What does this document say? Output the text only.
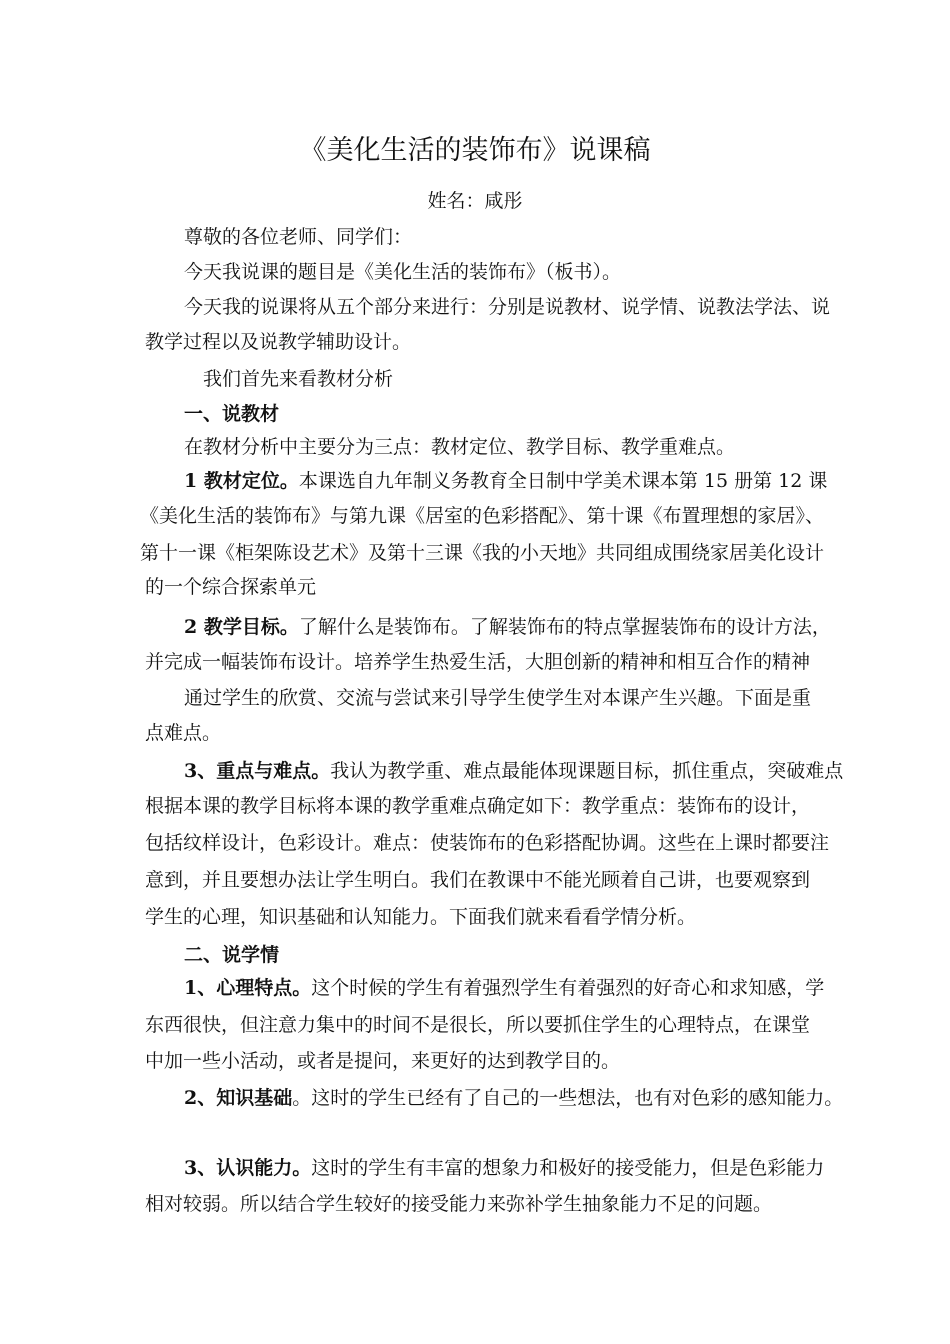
《美化生活的装饰布》说课稿
姓名：咸彤
尊敬的各位老师、同学们：
今天我说课的题目是《美化生活的装饰布》（板书）。
今天我的说课将从五个部分来进行：分别是说教材、说学情、说教法学法、说
教学过程以及说教学辅助设计。
我们首先来看教材分析
一、说教材
在教材分析中主要分为三点：教材定位、教学目标、教学重难点。
1 教材定位。本课选自九年制义务教育全日制中学美术课本第 15 册第 12 课
《美化生活的装饰布》与第九课《居室的色彩搭配》、第十课《布置理想的家居》、
第十一课《柜架陈设艺术》及第十三课《我的小天地》共同组成围绕家居美化设计
的一个综合探索单元
2 教学目标。了解什么是装饰布。了解装饰布的特点掌握装饰布的设计方法，
并完成一幅装饰布设计。培养学生热爱生活，大胆创新的精神和相互合作的精神
通过学生的欣赏、交流与尝试来引导学生使学生对本课产生兴趣。下面是重
点难点。
3、重点与难点。我认为教学重、难点最能体现课题目标，抓住重点，突破难点
根据本课的教学目标将本课的教学重难点确定如下：教学重点：装饰布的设计，
包括纹样设计，色彩设计。难点：使装饰布的色彩搭配协调。这些在上课时都要注
意到，并且要想办法让学生明白。我们在教课中不能光顾着自己讲，也要观察到
学生的心理，知识基础和认知能力。下面我们就来看看学情分析。
二、说学情
1、心理特点。这个时候的学生有着强烈学生有着强烈的好奇心和求知感，学
东西很快，但注意力集中的时间不是很长，所以要抓住学生的心理特点，在课堂
中加一些小活动，或者是提问，来更好的达到教学目的。
2、知识基础。这时的学生已经有了自己的一些想法，也有对色彩的感知能力。
3、认识能力。这时的学生有丰富的想象力和极好的接受能力，但是色彩能力
相对较弱。所以结合学生较好的接受能力来弥补学生抽象能力不足的问题。
